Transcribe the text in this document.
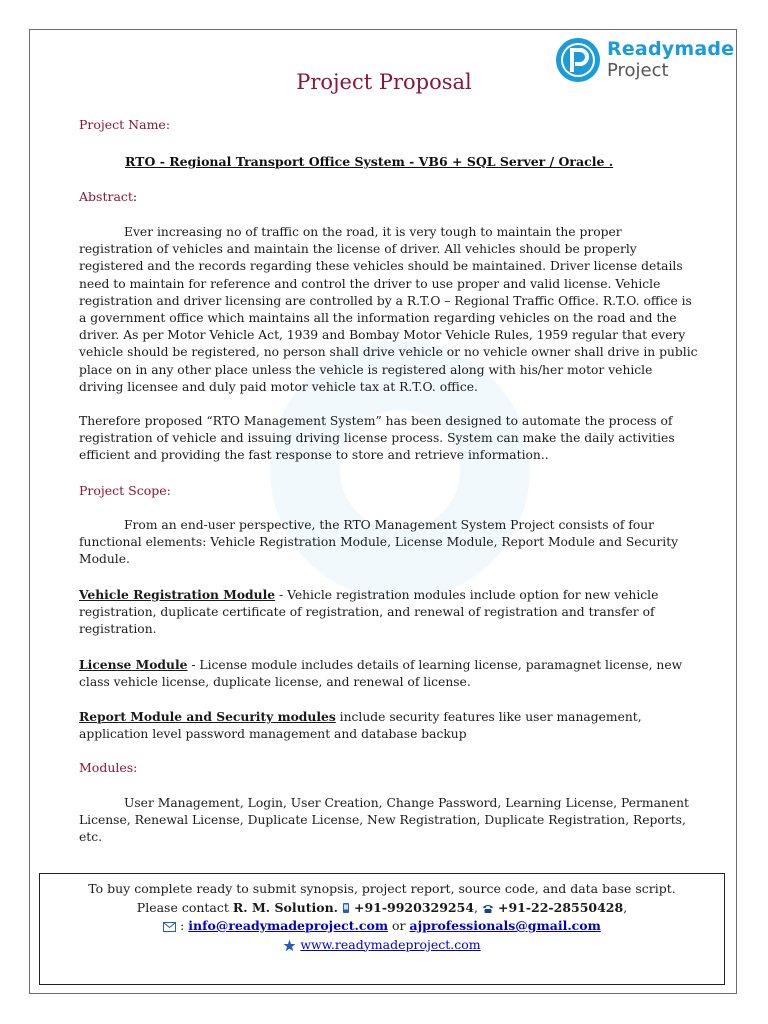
Readymade
Project
Project Proposal
Project Name:
RTO - Regional Transport Office System - VB6 + SQL Server / Oracle .
Abstract:
Ever increasing no of traffic on the road, it is very tough to maintain the proper registration of vehicles and maintain the license of driver. All vehicles should be properly registered and the records regarding these vehicles should be maintained. Driver license details need to maintain for reference and control the driver to use proper and valid license. Vehicle registration and driver licensing are controlled by a R.T.O – Regional Traffic Office. R.T.O. office is a government office which maintains all the information regarding vehicles on the road and the driver. As per Motor Vehicle Act, 1939 and Bombay Motor Vehicle Rules, 1959 regular that every vehicle should be registered, no person shall drive vehicle or no vehicle owner shall drive in public place on in any other place unless the vehicle is registered along with his/her motor vehicle driving licensee and duly paid motor vehicle tax at R.T.O. office.
Therefore proposed “RTO Management System” has been designed to automate the process of registration of vehicle and issuing driving license process. System can make the daily activities efficient and providing the fast response to store and retrieve information..
Project Scope:
From an end-user perspective, the RTO Management System Project consists of four functional elements: Vehicle Registration Module, License Module, Report Module and Security Module.
Vehicle Registration Module - Vehicle registration modules include option for new vehicle registration, duplicate certificate of registration, and renewal of registration and transfer of registration.
License Module - License module includes details of learning license, paramagnet license, new class vehicle license, duplicate license, and renewal of license.
Report Module and Security modules include security features like user management, application level password management and database backup
Modules:
User Management, Login, User Creation, Change Password, Learning License, Permanent License, Renewal License, Duplicate License, New Registration, Duplicate Registration, Reports, etc.
To buy complete ready to submit synopsis, project report, source code, and data base script.
Please contact R. M. Solution. +91-9920329254, +91-22-28550428,
: info@readymadeproject.com or ajprofessionals@gmail.com
www.readymadeproject.com
